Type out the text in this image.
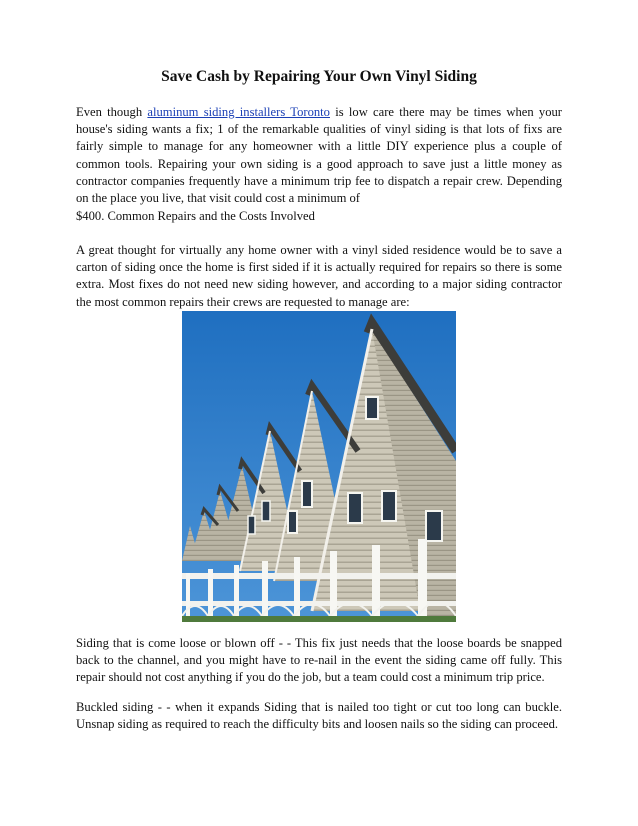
Save Cash by Repairing Your Own Vinyl Siding

Even though aluminum siding installers Toronto is low care there may be times when your house's siding wants a fix; 1 of the remarkable qualities of vinyl siding is that lots of fixs are fairly simple to manage for any homeowner with a little DIY experience plus a couple of common tools. Repairing your own siding is a good approach to save just a little money as contractor companies frequently have a minimum trip fee to dispatch a repair crew. Depending on the place you live, that visit could cost a minimum of

$400. Common Repairs and the Costs Involved

A great thought for virtually any home owner with a vinyl sided residence would be to save a carton of siding once the home is first sided if it is actually required for repairs so there is some extra. Most fixes do not need new siding however, and according to a major siding contractor the most common repairs their crews are requested to manage are:

Siding that is come loose or blown off - - This fix just needs that the loose boards be snapped back to the channel, and you might have to re-nail in the event the siding came off fully. This repair should not cost anything if you do the job, but a team could cost a minimum trip price.

Buckled siding - - when it expands Siding that is nailed too tight or cut too long can buckle. Unsnap siding as required to reach the difficulty bits and loosen nails so the siding can proceed.
